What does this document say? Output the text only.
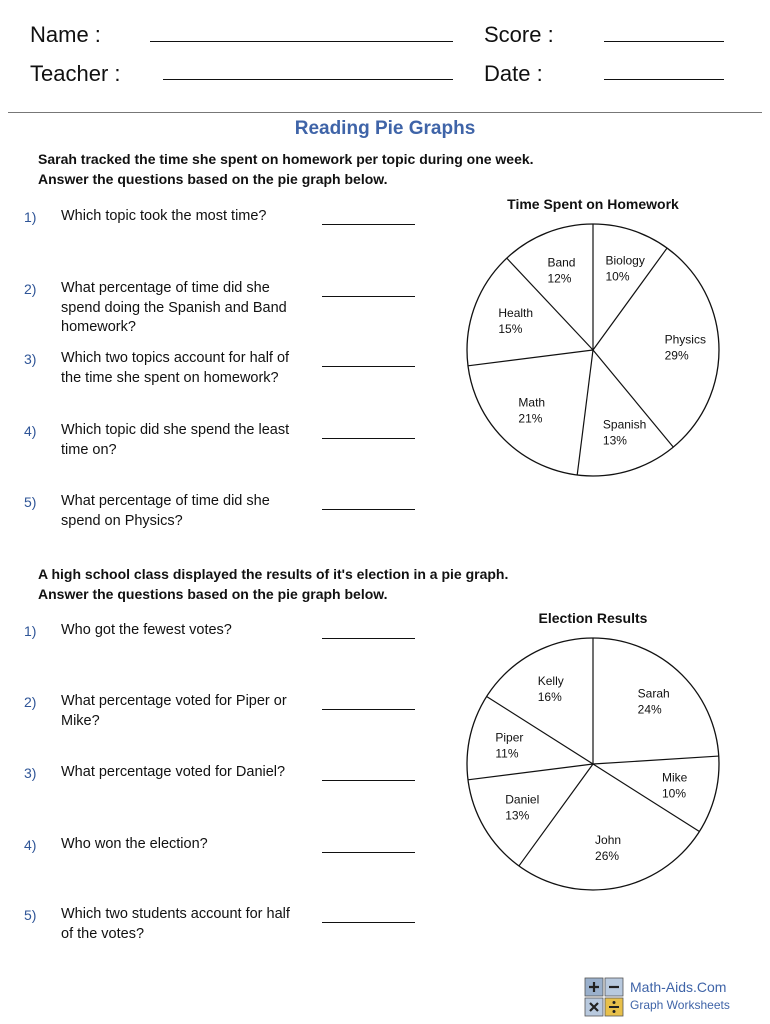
Name :
Teacher :
Score :
Date :
Reading Pie Graphs
Sarah tracked the time she spent on homework per topic during one week.
Answer the questions based on the pie graph below.
1) Which topic took the most time?
2) What percentage of time did she spend doing the Spanish and Band homework?
3) Which two topics account for half of the time she spent on homework?
4) Which topic did she spend the least time on?
5) What percentage of time did she spend on Physics?
Time Spent on Homework
Biology
10%
Physics
29%
Spanish
13%
Math
21%
Health
15%
Band
12%
A high school class displayed the results of it's election in a pie graph.
Answer the questions based on the pie graph below.
1) Who got the fewest votes?
2) What percentage voted for Piper or Mike?
3) What percentage voted for Daniel?
4) Who won the election?
5) Which two students account for half of the votes?
Election Results
Sarah
24%
Mike
10%
John
26%
Daniel
13%
Piper
11%
Kelly
16%
Math-Aids.Com
Graph Worksheets
